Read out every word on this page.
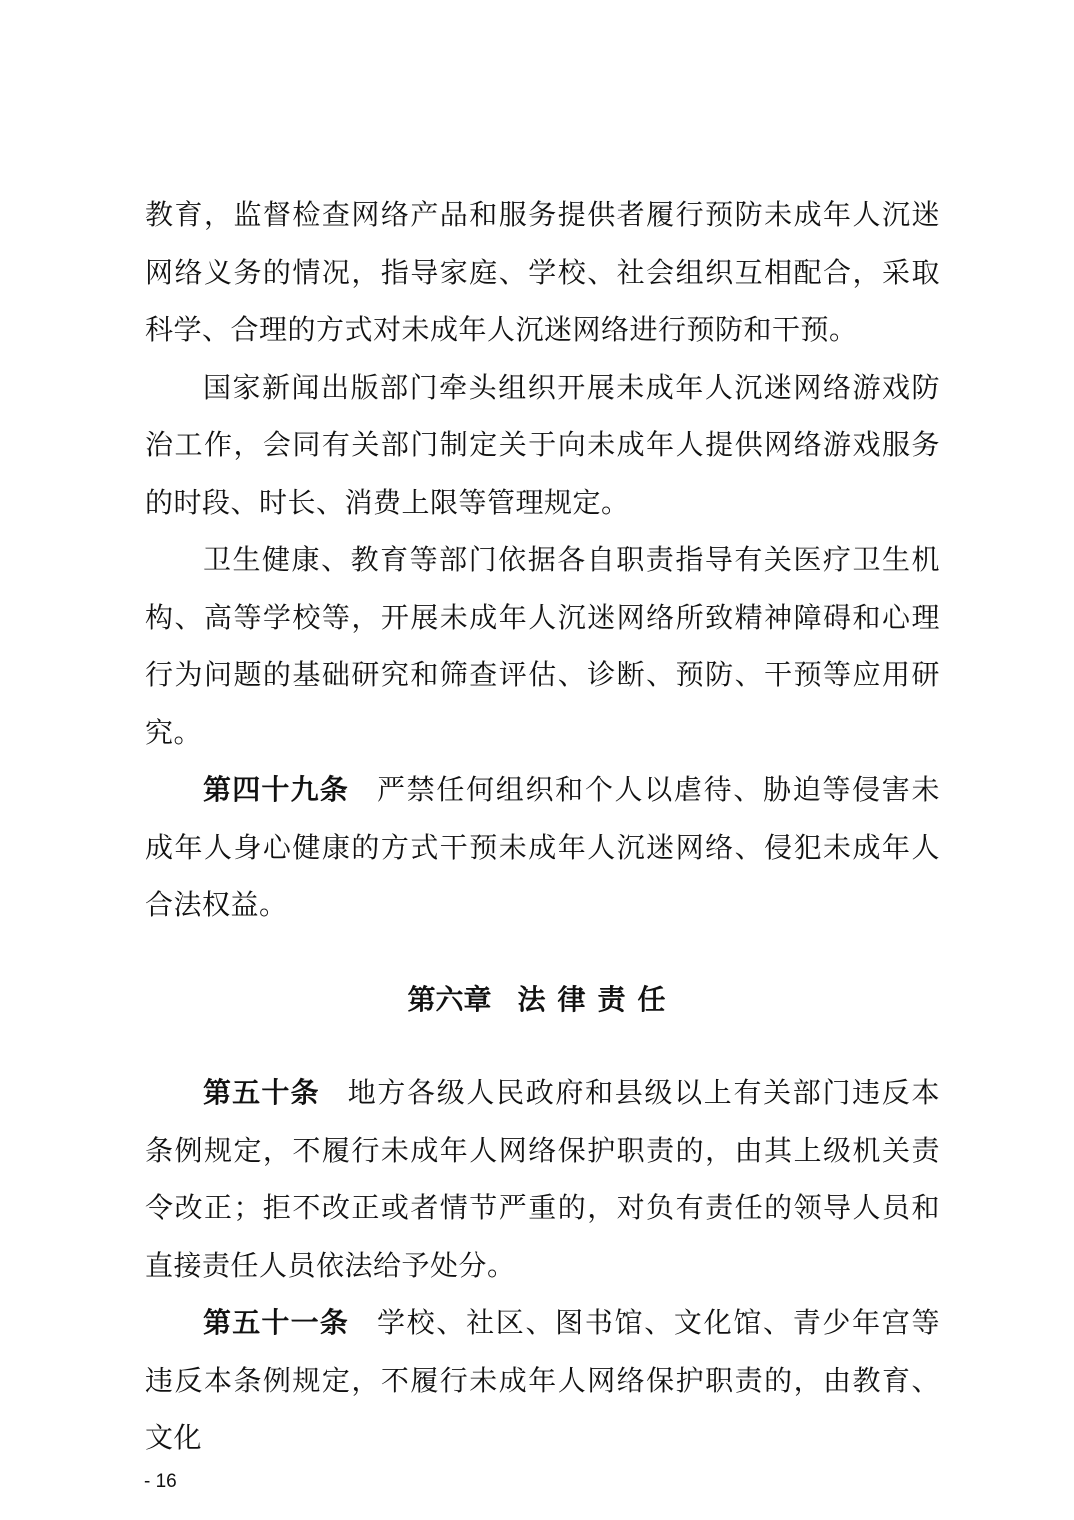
教育，监督检查网络产品和服务提供者履行预防未成年人沉迷网络义务的情况，指导家庭、学校、社会组织互相配合，采取科学、合理的方式对未成年人沉迷网络进行预防和干预。

国家新闻出版部门牵头组织开展未成年人沉迷网络游戏防治工作，会同有关部门制定关于向未成年人提供网络游戏服务的时段、时长、消费上限等管理规定。

卫生健康、教育等部门依据各自职责指导有关医疗卫生机构、高等学校等，开展未成年人沉迷网络所致精神障碍和心理行为问题的基础研究和筛查评估、诊断、预防、干预等应用研究。

第四十九条 严禁任何组织和个人以虐待、胁迫等侵害未成年人身心健康的方式干预未成年人沉迷网络、侵犯未成年人合法权益。

第六章 法律责任

第五十条 地方各级人民政府和县级以上有关部门违反本条例规定，不履行未成年人网络保护职责的，由其上级机关责令改正；拒不改正或者情节严重的，对负有责任的领导人员和直接责任人员依法给予处分。

第五十一条 学校、社区、图书馆、文化馆、青少年宫等违反本条例规定，不履行未成年人网络保护职责的，由教育、文化

- 16
